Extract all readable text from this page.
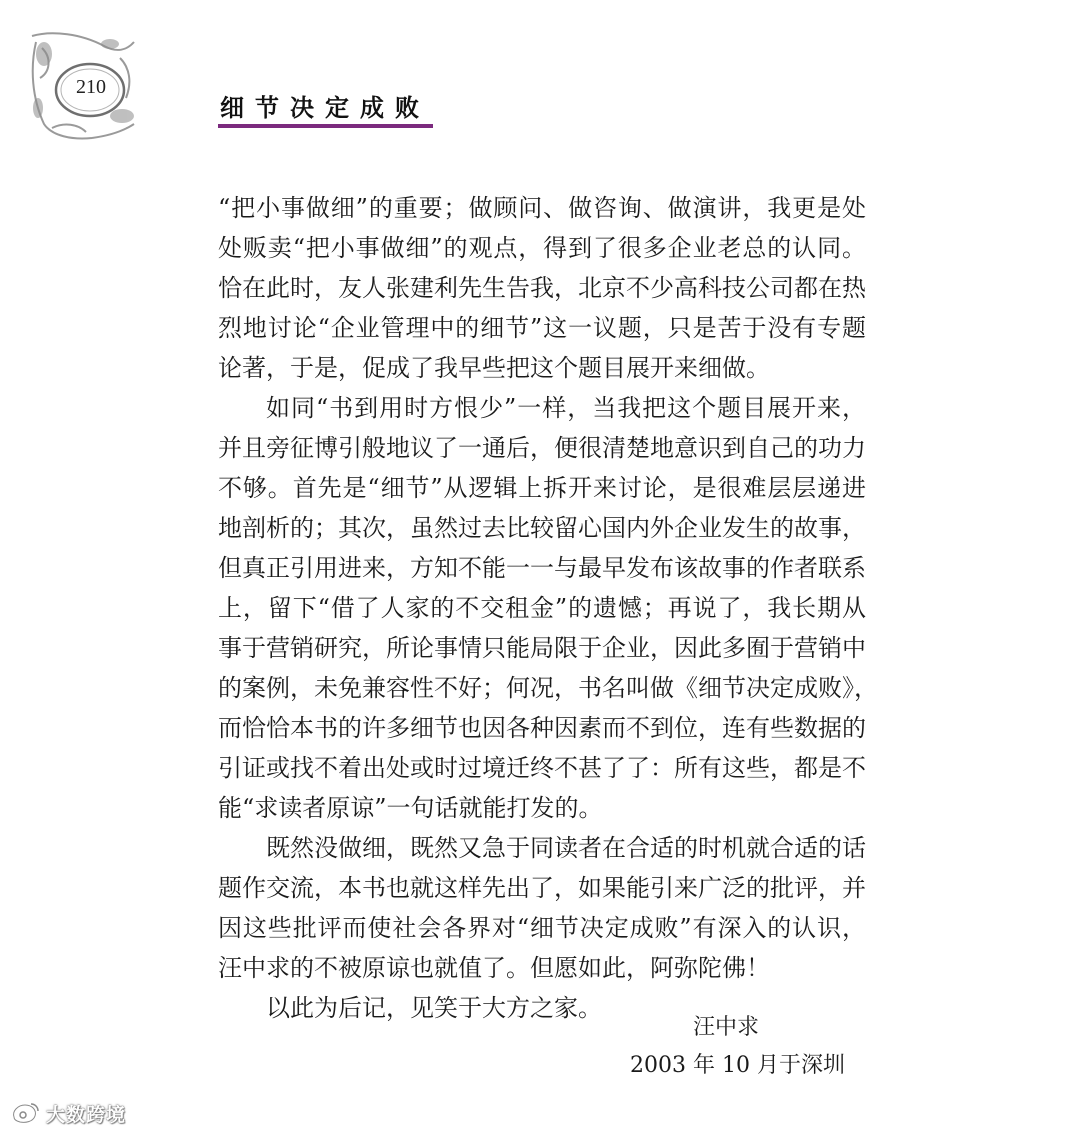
210
细节决定成败
“把小事做细”的重要；做顾问、做咨询、做演讲，我更是处
处贩卖“把小事做细”的观点，得到了很多企业老总的认同。
恰在此时，友人张建利先生告我，北京不少高科技公司都在热
烈地讨论“企业管理中的细节”这一议题，只是苦于没有专题
论著，于是，促成了我早些把这个题目展开来细做。
如同“书到用时方恨少”一样，当我把这个题目展开来，
并且旁征博引般地议了一通后，便很清楚地意识到自己的功力
不够。首先是“细节”从逻辑上拆开来讨论，是很难层层递进
地剖析的；其次，虽然过去比较留心国内外企业发生的故事，
但真正引用进来，方知不能一一与最早发布该故事的作者联系
上，留下“借了人家的不交租金”的遗憾；再说了，我长期从
事于营销研究，所论事情只能局限于企业，因此多囿于营销中
的案例，未免兼容性不好；何况，书名叫做《细节决定成败》，
而恰恰本书的许多细节也因各种因素而不到位，连有些数据的
引证或找不着出处或时过境迁终不甚了了：所有这些，都是不
能“求读者原谅”一句话就能打发的。
既然没做细，既然又急于同读者在合适的时机就合适的话
题作交流，本书也就这样先出了，如果能引来广泛的批评，并
因这些批评而使社会各界对“细节决定成败”有深入的认识，
汪中求的不被原谅也就值了。但愿如此，阿弥陀佛！
以此为后记，见笑于大方之家。
汪中求
2003 年 10 月于深圳
大数跨境
